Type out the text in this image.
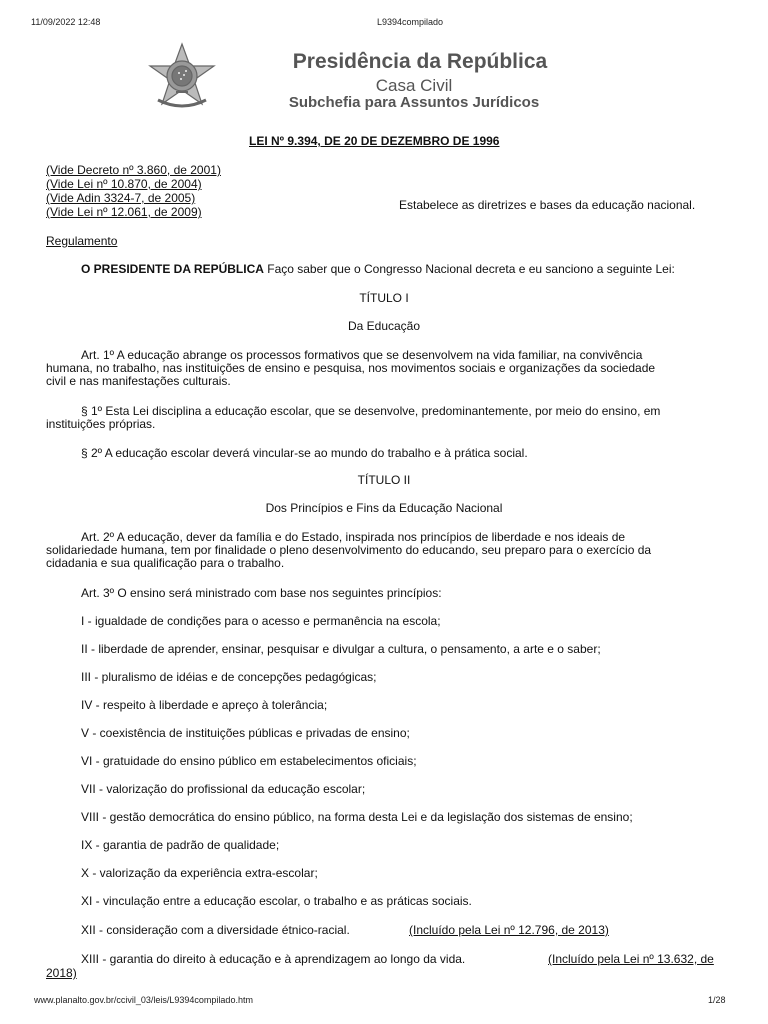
11/09/2022 12:48	L9394compilado
Presidência da República
Casa Civil
Subchefia para Assuntos Jurídicos
LEI Nº 9.394, DE 20 DE DEZEMBRO DE 1996
(Vide Decreto nº 3.860, de 2001)
(Vide Lei nº 10.870, de 2004)
(Vide Adin 3324-7, de 2005)
(Vide Lei nº 12.061, de 2009)	Estabelece as diretrizes e bases da educação nacional.
Regulamento
O PRESIDENTE DA REPÚBLICA Faço saber que o Congresso Nacional decreta e eu sanciono a seguinte Lei:
TÍTULO I
Da Educação
Art. 1º A educação abrange os processos formativos que se desenvolvem na vida familiar, na convivência
humana, no trabalho, nas instituições de ensino e pesquisa, nos movimentos sociais e organizações da sociedade
civil e nas manifestações culturais.
§ 1º Esta Lei disciplina a educação escolar, que se desenvolve, predominantemente, por meio do ensino, em
instituições próprias.
§ 2º A educação escolar deverá vincular-se ao mundo do trabalho e à prática social.
TÍTULO II
Dos Princípios e Fins da Educação Nacional
Art. 2º A educação, dever da família e do Estado, inspirada nos princípios de liberdade e nos ideais de
solidariedade humana, tem por finalidade o pleno desenvolvimento do educando, seu preparo para o exercício da
cidadania e sua qualificação para o trabalho.
Art. 3º O ensino será ministrado com base nos seguintes princípios:
I - igualdade de condições para o acesso e permanência na escola;
II - liberdade de aprender, ensinar, pesquisar e divulgar a cultura, o pensamento, a arte e o saber;
III - pluralismo de idéias e de concepções pedagógicas;
IV - respeito à liberdade e apreço à tolerância;
V - coexistência de instituições públicas e privadas de ensino;
VI - gratuidade do ensino público em estabelecimentos oficiais;
VII - valorização do profissional da educação escolar;
VIII - gestão democrática do ensino público, na forma desta Lei e da legislação dos sistemas de ensino;
IX - garantia de padrão de qualidade;
X - valorização da experiência extra-escolar;
XI - vinculação entre a educação escolar, o trabalho e as práticas sociais.
XII - consideração com a diversidade étnico-racial.	(Incluído pela Lei nº 12.796, de 2013)
XIII - garantia do direito à educação e à aprendizagem ao longo da vida.	(Incluído pela Lei nº 13.632, de
2018)
www.planalto.gov.br/ccivil_03/leis/L9394compilado.htm	1/28
